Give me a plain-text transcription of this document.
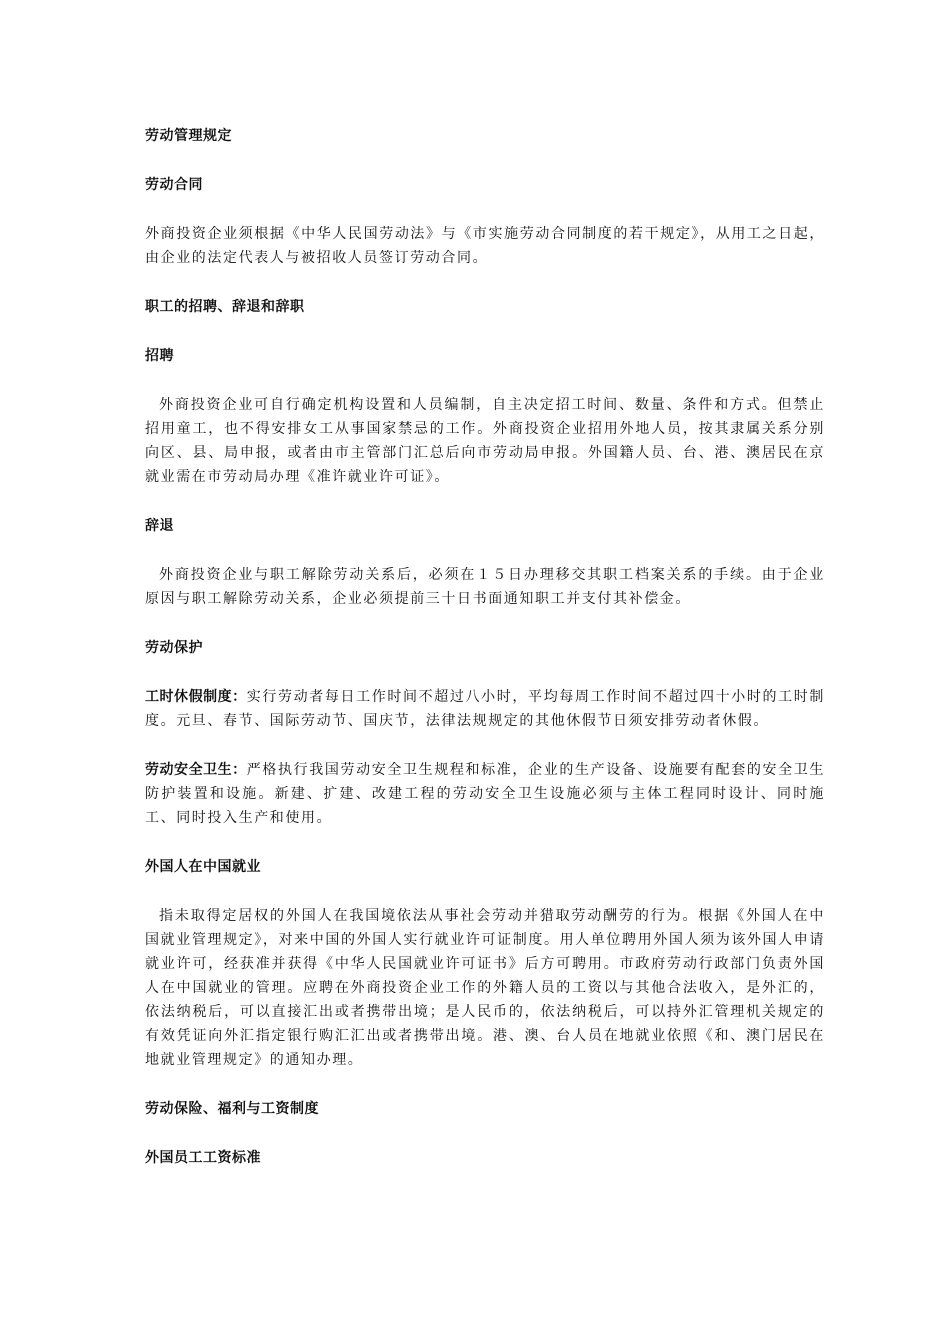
劳动管理规定
劳动合同
外商投资企业须根据《中华人民国劳动法》与《市实施劳动合同制度的若干规定》，从用工之日起，由企业的法定代表人与被招收人员签订劳动合同。
职工的招聘、辞退和辞职
招聘
外商投资企业可自行确定机构设置和人员编制，自主决定招工时间、数量、条件和方式。但禁止招用童工，也不得安排女工从事国家禁忌的工作。外商投资企业招用外地人员，按其隶属关系分别向区、县、局申报，或者由市主管部门汇总后向市劳动局申报。外国籍人员、台、港、澳居民在京就业需在市劳动局办理《准许就业许可证》。
辞退
外商投资企业与职工解除劳动关系后，必须在１５日办理移交其职工档案关系的手续。由于企业原因与职工解除劳动关系，企业必须提前三十日书面通知职工并支付其补偿金。
劳动保护
工时休假制度：实行劳动者每日工作时间不超过八小时，平均每周工作时间不超过四十小时的工时制度。元旦、春节、国际劳动节、国庆节，法律法规规定的其他休假节日须安排劳动者休假。
劳动安全卫生：严格执行我国劳动安全卫生规程和标准，企业的生产设备、设施要有配套的安全卫生防护装置和设施。新建、扩建、改建工程的劳动安全卫生设施必须与主体工程同时设计、同时施工、同时投入生产和使用。
外国人在中国就业
指未取得定居权的外国人在我国境依法从事社会劳动并猎取劳动酬劳的行为。根据《外国人在中国就业管理规定》，对来中国的外国人实行就业许可证制度。用人单位聘用外国人须为该外国人申请就业许可，经获准并获得《中华人民国就业许可证书》后方可聘用。市政府劳动行政部门负责外国人在中国就业的管理。应聘在外商投资企业工作的外籍人员的工资以与其他合法收入，是外汇的，依法纳税后，可以直接汇出或者携带出境；是人民币的，依法纳税后，可以持外汇管理机关规定的有效凭证向外汇指定银行购汇汇出或者携带出境。港、澳、台人员在地就业依照《和、澳门居民在地就业管理规定》的通知办理。
劳动保险、福利与工资制度
外国员工工资标准
